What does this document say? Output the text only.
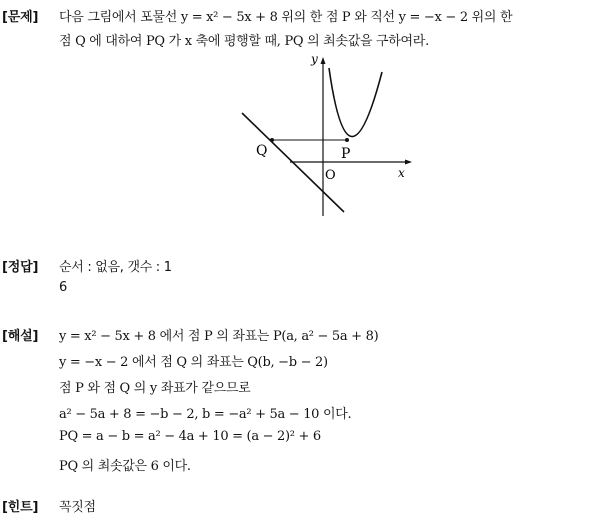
[문제] 다음 그림에서 포물선 y = x² − 5x + 8 위의 한 점 P 와 직선 y = −x − 2 위의 한
점 Q 에 대하여 PQ 가 x 축에 평행할 때, PQ 의 최솟값을 구하여라.
y
x
O
P
Q
[정답] 순서 : 없음, 갯수 : 1
6
[해설] y = x² − 5x + 8 에서 점 P 의 좌표는 P(a, a² − 5a + 8)
y = −x − 2 에서 점 Q 의 좌표는 Q(b, −b − 2)
점 P 와 점 Q 의 y 좌표가 같으므로
a² − 5a + 8 = −b − 2, b = −a² + 5a − 10 이다.
PQ = a − b = a² − 4a + 10 = (a − 2)² + 6
PQ 의 최솟값은 6 이다.
[힌트] 꼭짓점
